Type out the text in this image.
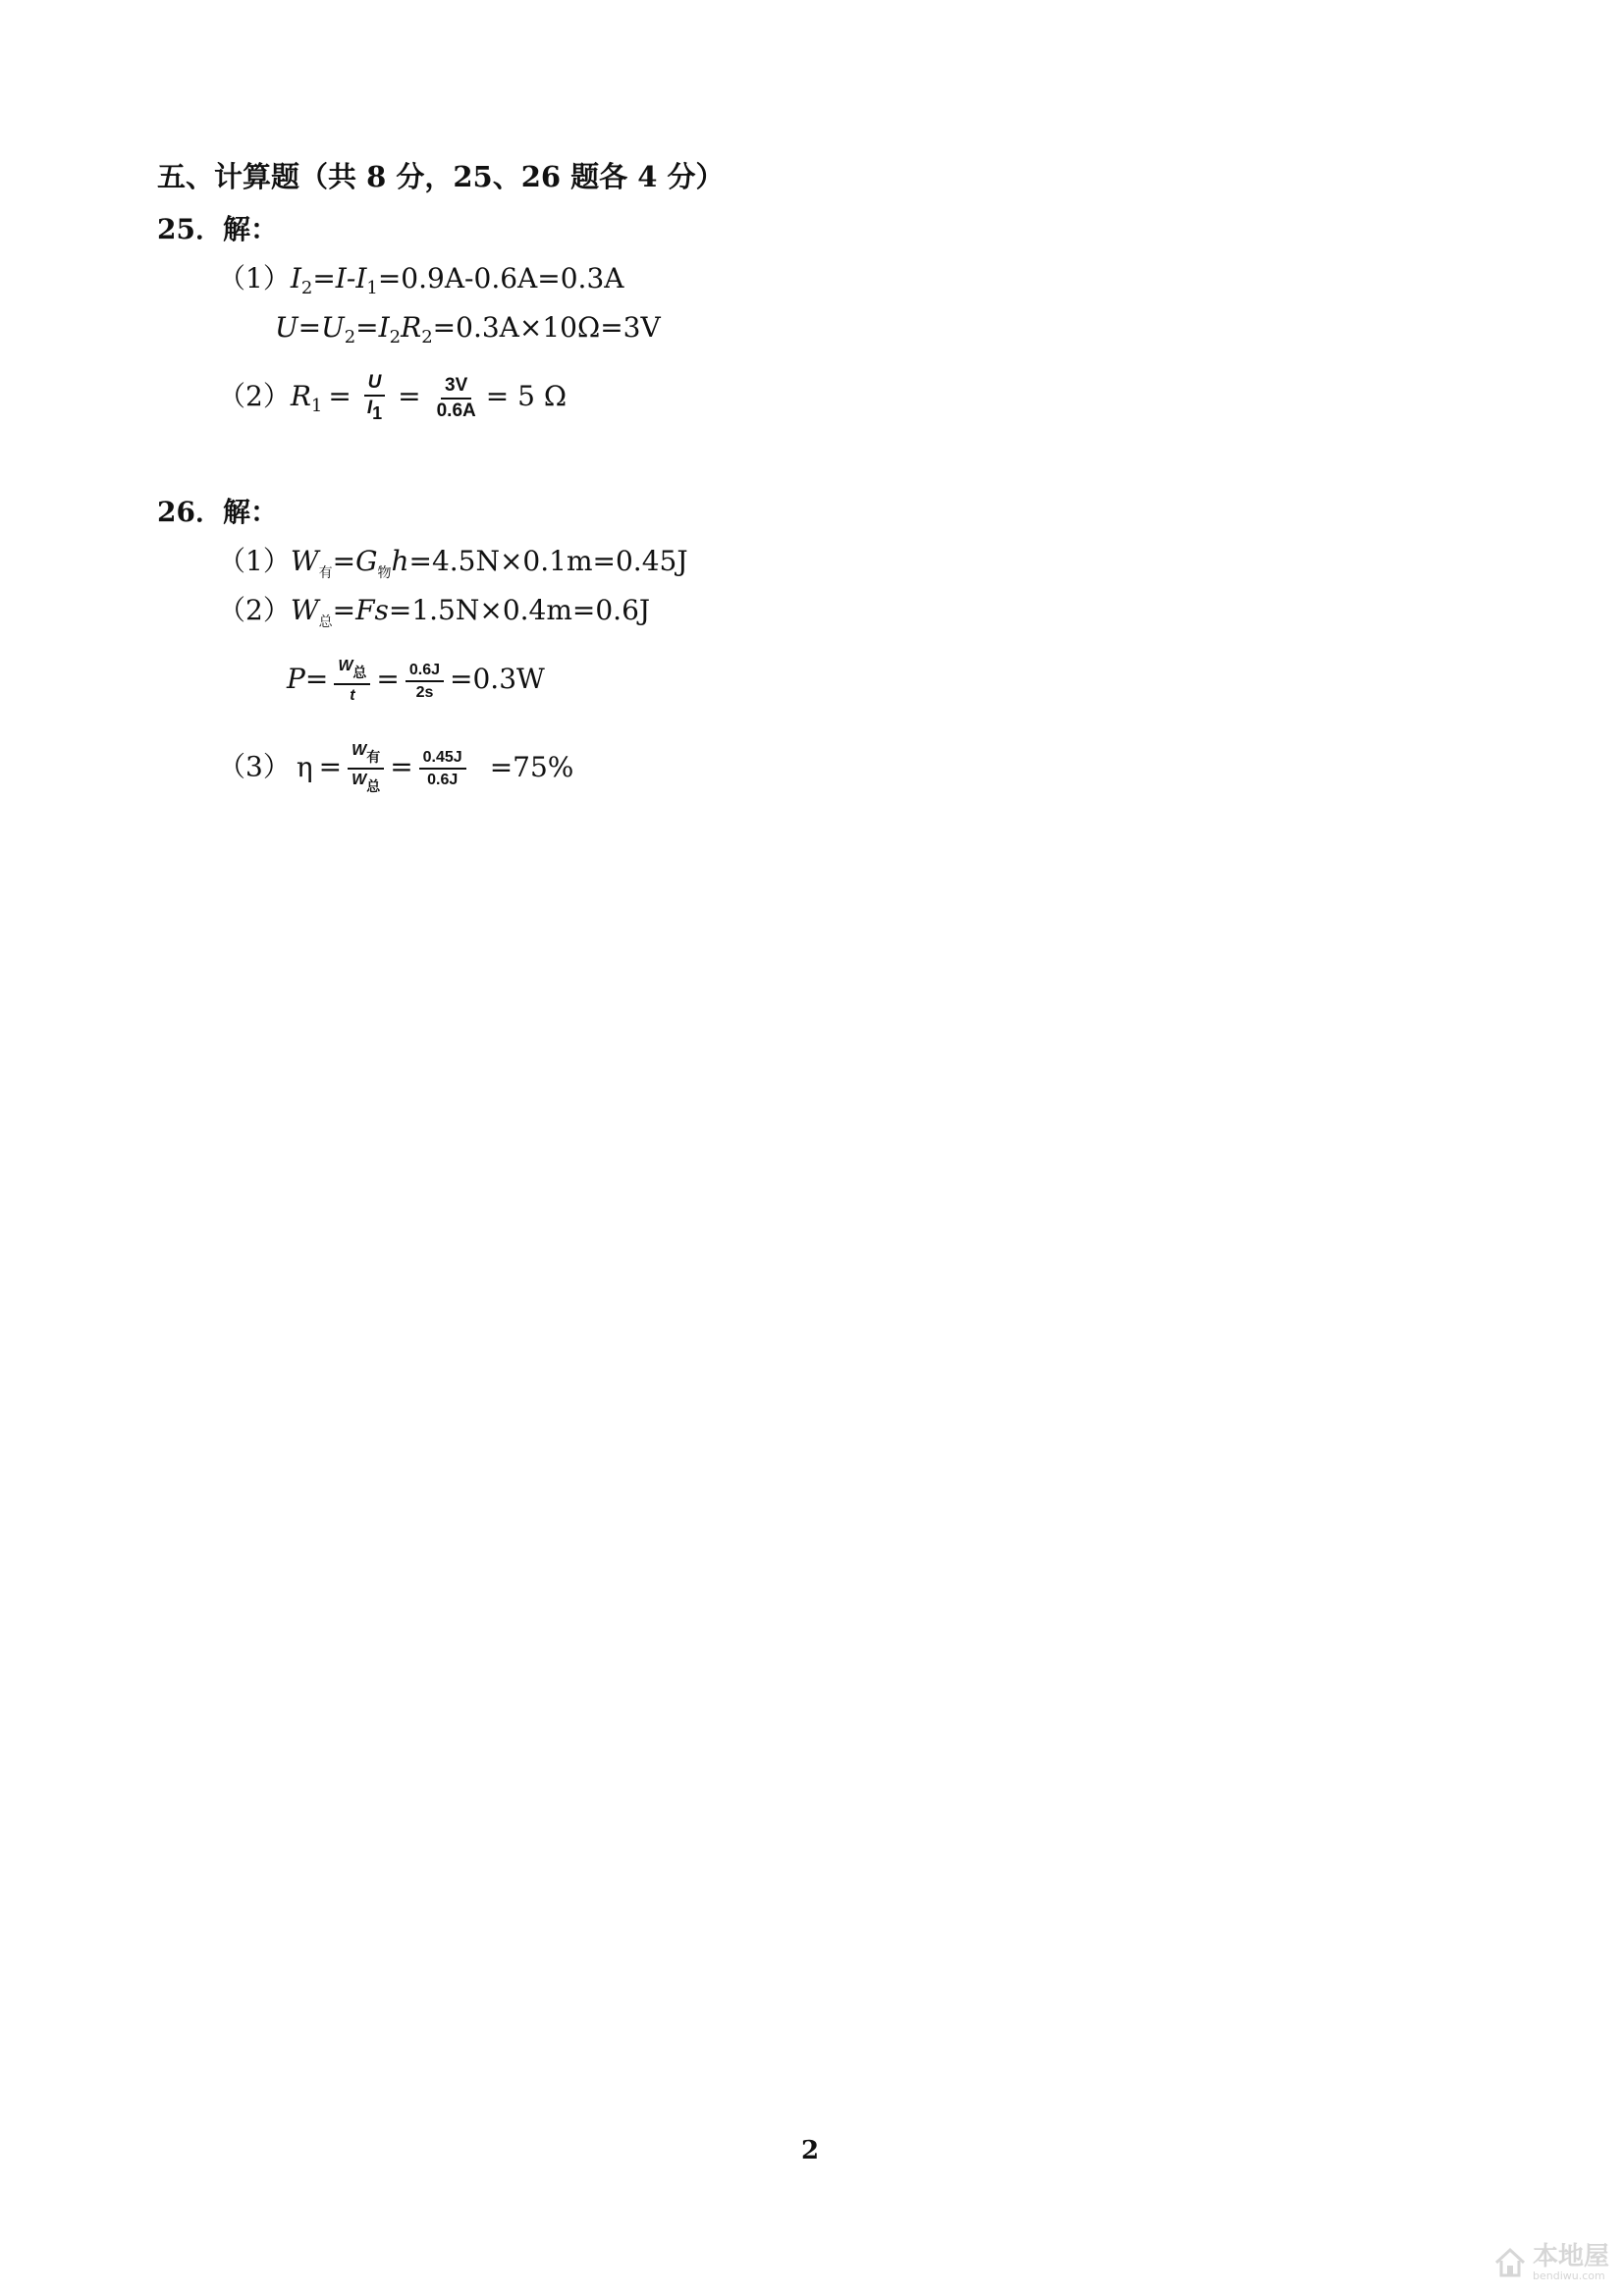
五、计算题（共 8 分，25、26 题各 4 分）
25．解：
$(1)I_2=I-I_1=0.9A-0.6A=0.3A$
$U=U_2=I_2R_2=0.3A\times 10\Omega=3V$
$(2)R_1 = \frac{U}{I1} = \frac{3V}{0.6A} = 5$ Ω
26．解：
$(1)W_有=G_物h=4.5N\times 0.1m=0.45J$
$(2)W_总=Fs=1.5N\times 0.4m=0.6J$
$P= \frac{\text{W总}}{t} = \frac{0.6J}{2s} =0.3W$
（3） $\eta = \frac{\text{W有}}{\text{W总}} = \frac{0.45J}{0.6J} =75\%$
2
本地屋
bendiwu.com
